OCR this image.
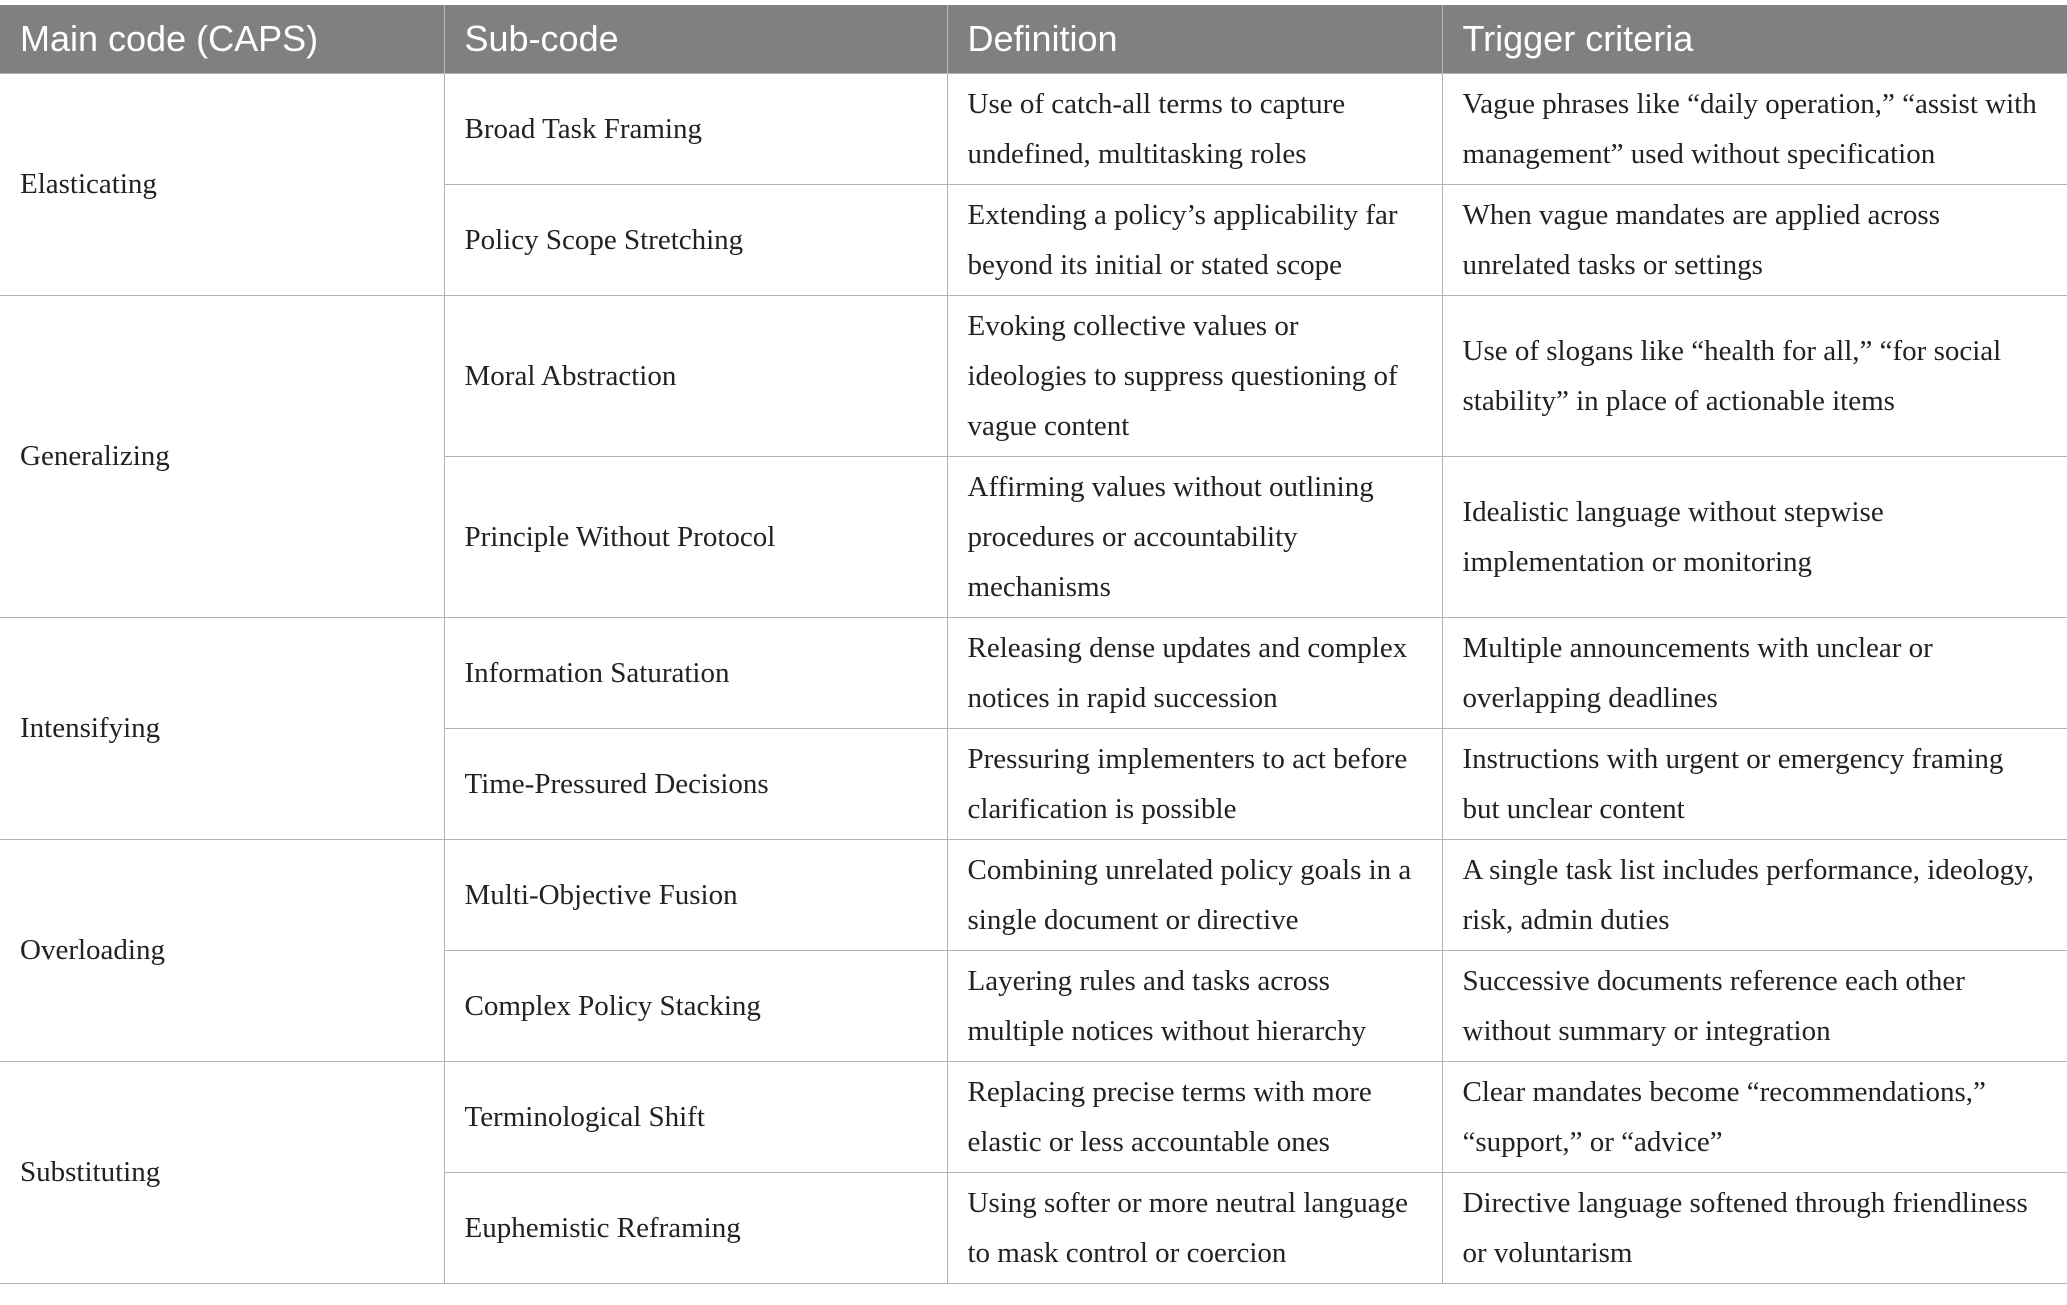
Main code (CAPS)	Sub-code	Definition	Trigger criteria
Elasticating	Broad Task Framing	Use of catch-all terms to capture undefined, multitasking roles	Vague phrases like “daily operation,” “assist with management” used without specification
	Policy Scope Stretching	Extending a policy’s applicability far beyond its initial or stated scope	When vague mandates are applied across unrelated tasks or settings
Generalizing	Moral Abstraction	Evoking collective values or ideologies to suppress questioning of vague content	Use of slogans like “health for all,” “for social stability” in place of actionable items
	Principle Without Protocol	Affirming values without outlining procedures or accountability mechanisms	Idealistic language without stepwise implementation or monitoring
Intensifying	Information Saturation	Releasing dense updates and complex notices in rapid succession	Multiple announcements with unclear or overlapping deadlines
	Time-Pressured Decisions	Pressuring implementers to act before clarification is possible	Instructions with urgent or emergency framing but unclear content
Overloading	Multi-Objective Fusion	Combining unrelated policy goals in a single document or directive	A single task list includes performance, ideology, risk, admin duties
	Complex Policy Stacking	Layering rules and tasks across multiple notices without hierarchy	Successive documents reference each other without summary or integration
Substituting	Terminological Shift	Replacing precise terms with more elastic or less accountable ones	Clear mandates become “recommendations,” “support,” or “advice”
	Euphemistic Reframing	Using softer or more neutral language to mask control or coercion	Directive language softened through friendliness or voluntarism
